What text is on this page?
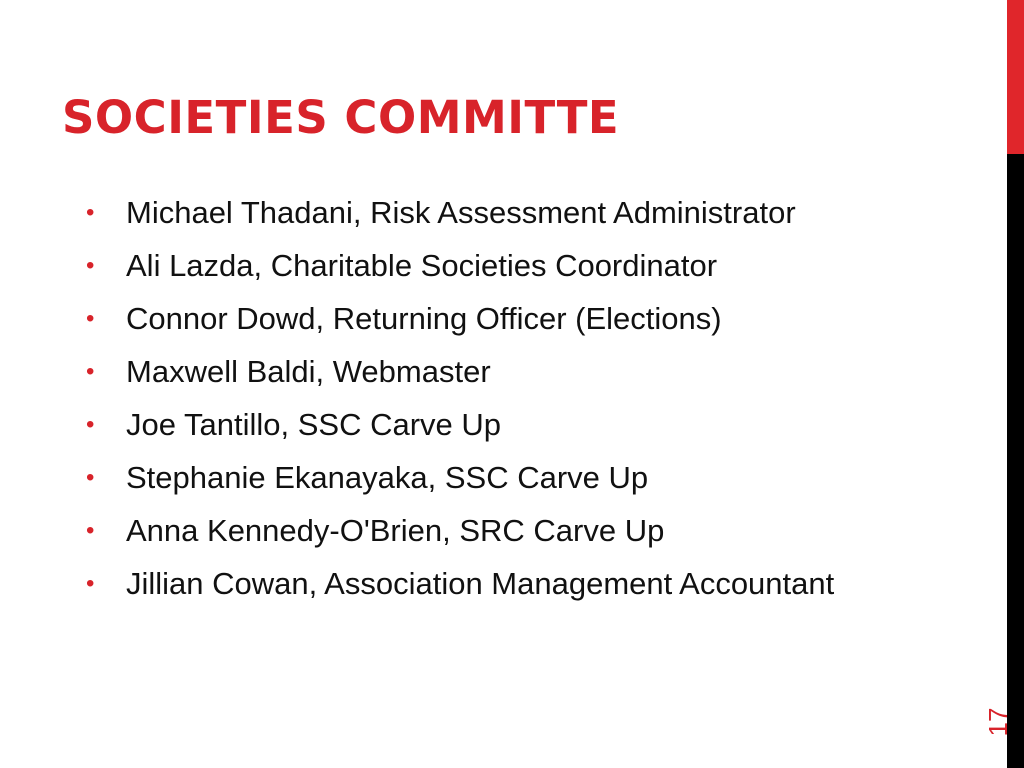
SOCIETIES COMMITTE
•	Michael Thadani, Risk Assessment Administrator
•	Ali Lazda, Charitable Societies Coordinator
•	Connor Dowd, Returning Officer (Elections)
•	Maxwell Baldi, Webmaster
•	Joe Tantillo, SSC Carve Up
•	Stephanie Ekanayaka, SSC Carve Up
•	Anna Kennedy-O'Brien, SRC Carve Up
•	Jillian Cowan, Association Management Accountant
17
